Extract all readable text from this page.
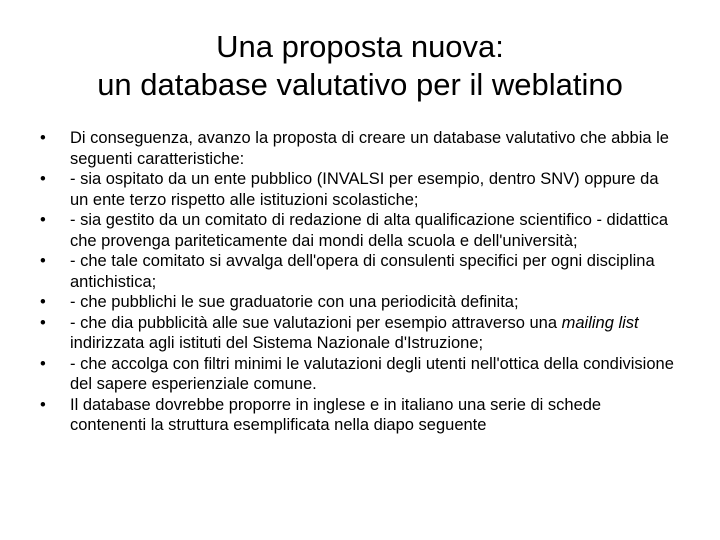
Una proposta nuova:
un database valutativo per il weblatino
•	Di conseguenza, avanzo la proposta di creare un database valutativo che abbia le seguenti caratteristiche:
•	- sia ospitato da un ente pubblico (INVALSI per esempio, dentro SNV) oppure da un ente terzo rispetto alle istituzioni scolastiche;
•	- sia gestito da un comitato di redazione di alta qualificazione scientifico - didattica che provenga pariteticamente dai mondi della scuola e dell'università;
•	- che tale comitato si avvalga dell'opera di consulenti specifici per ogni disciplina antichistica;
•	- che pubblichi le sue graduatorie con una periodicità definita;
•	- che dia pubblicità alle sue valutazioni per esempio attraverso una mailing list indirizzata agli istituti del Sistema Nazionale d'Istruzione;
•	- che accolga con filtri minimi le valutazioni degli utenti nell'ottica della condivisione del sapere esperienziale comune.
•	Il database dovrebbe proporre in inglese e in italiano una serie di schede contenenti la struttura esemplificata nella diapo seguente
